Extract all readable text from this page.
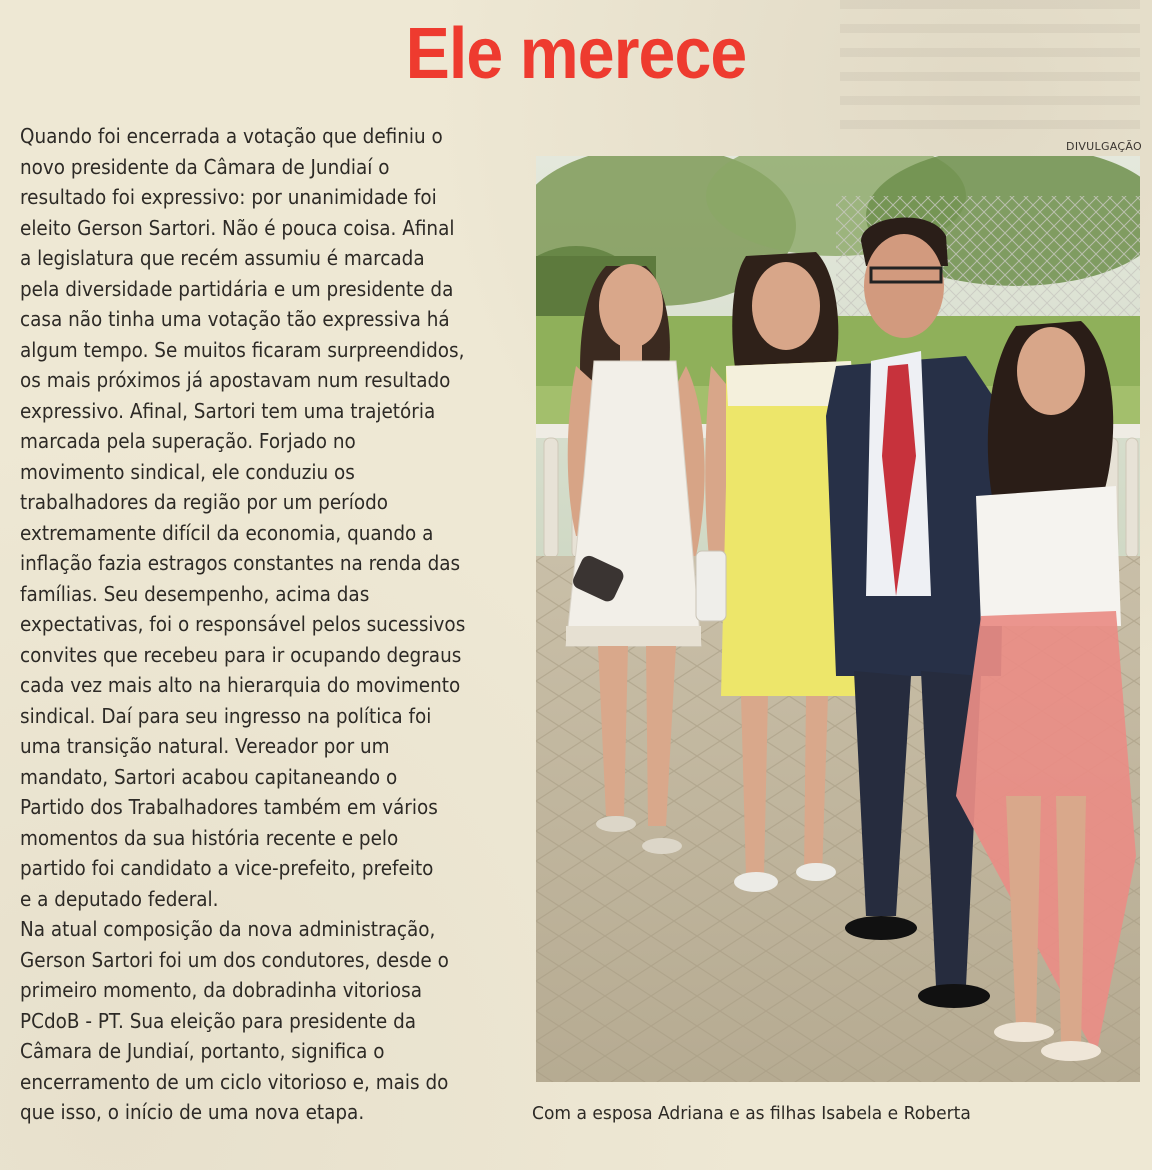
Ele merece
Quando foi encerrada a votação que definiu o
novo presidente da Câmara de Jundiaí o
resultado foi expressivo: por unanimidade foi
eleito Gerson Sartori. Não é pouca coisa. Afinal
a legislatura que recém assumiu é marcada
pela diversidade partidária e um presidente da
casa não tinha uma votação tão expressiva há
algum tempo. Se muitos ficaram surpreendidos,
os mais próximos já apostavam num resultado
expressivo. Afinal, Sartori tem uma trajetória
marcada pela superação. Forjado no
movimento sindical, ele conduziu os
trabalhadores da região por um período
extremamente difícil da economia, quando a
inflação fazia estragos constantes na renda das
famílias. Seu desempenho, acima das
expectativas, foi o responsável pelos sucessivos
convites que recebeu para ir ocupando degraus
cada vez mais alto na hierarquia do movimento
sindical. Daí para seu ingresso na política foi
uma transição natural. Vereador por um
mandato, Sartori acabou capitaneando o
Partido dos Trabalhadores também em vários
momentos da sua história recente e pelo
partido foi candidato a vice-prefeito, prefeito
e a deputado federal.
Na atual composição da nova administração,
Gerson Sartori foi um dos condutores, desde o
primeiro momento, da dobradinha vitoriosa
PCdoB - PT. Sua eleição para presidente da
Câmara de Jundiaí, portanto, significa o
encerramento de um ciclo vitorioso e, mais do
que isso, o início de uma nova etapa.
DIVULGAÇÃO
Com a esposa Adriana e as filhas Isabela e Roberta
